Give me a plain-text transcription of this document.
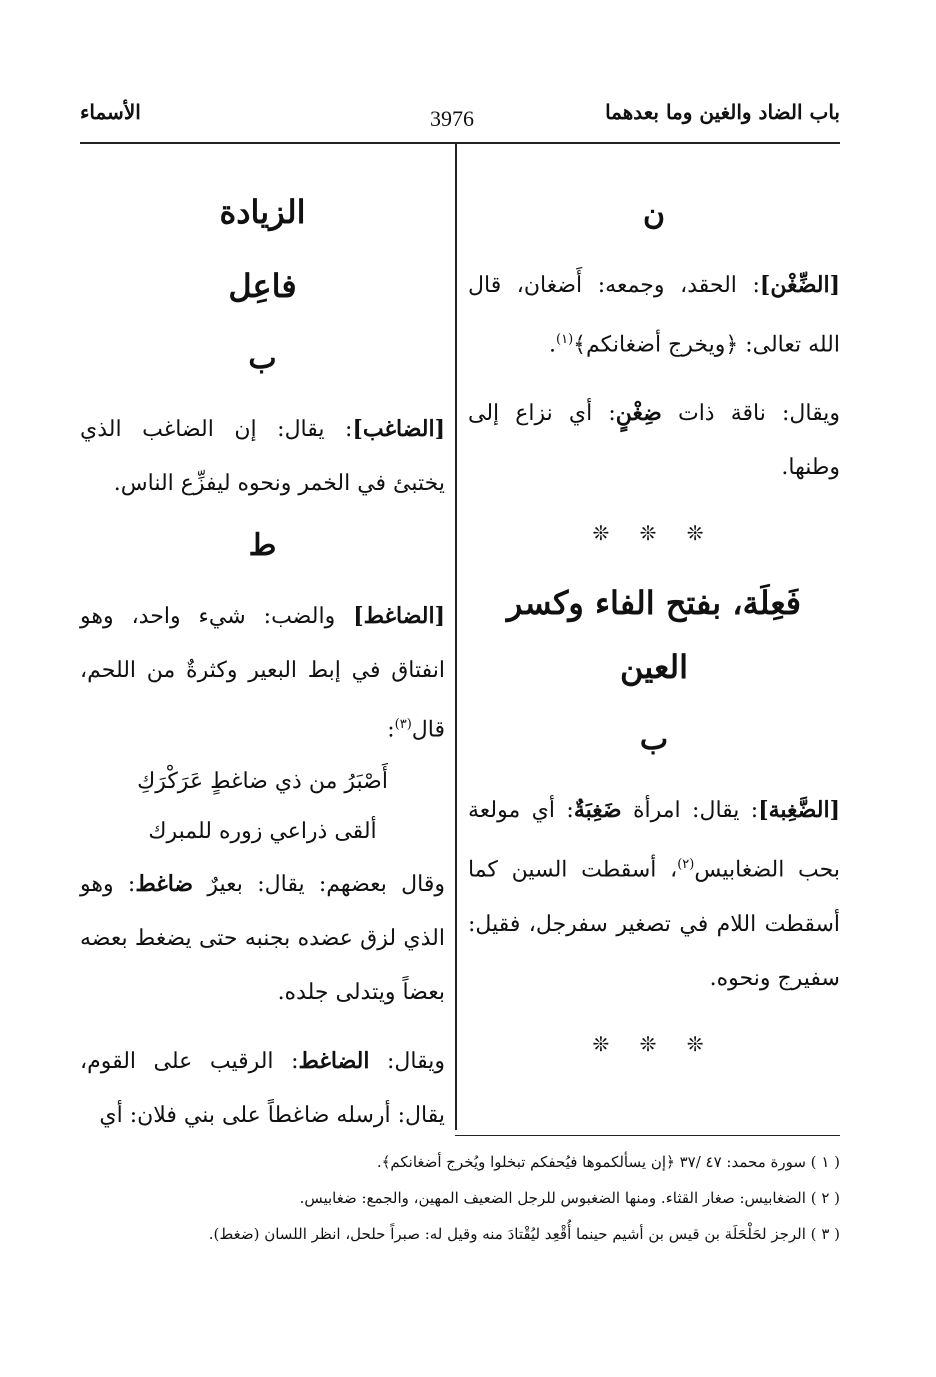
باب الضاد والغين وما بعدهما
3976
الأسماء
ن

[الضِّغْن]: الحقد، وجمعه: أَضغان، قال الله تعالى: ﴿ويخرج أضغانكم﴾$^{(١)}$.

ويقال: ناقة ذات ضِغْنٍ: أي نزاع إلى وطنها.

❊ ❊ ❊
فَعِلَة، بفتح الفاء وكسر العين
ب

[الضَّغِبة]: يقال: امرأة ضَغِبَةٌ: أي مولعة بحب الضغابيس$^{(٢)}$، أسقطت السين كما أسقطت اللام في تصغير سفرجل، فقيل: سفيرج ونحوه.

❊ ❊ ❊
الزيادة
فاعِل
ب

[الضاغب]: يقال: إن الضاغب الذي يختبئ في الخمر ونحوه ليفزِّع الناس.

ط

[الضاغط] والضب: شيء واحد، وهو انفتاق في إبط البعير وكثرةٌ من اللحم، قال$^{(٣)}$:

أَصْبَرُ من ذي ضاغطٍ عَرَكْرَكِ

ألقى ذراعي زوره للمبرك

وقال بعضهم: يقال: بعيرٌ ضاغط: وهو الذي لزق عضده بجنبه حتى يضغط بعضه بعضاً ويتدلى جلده.

ويقال: الضاغط: الرقيب على القوم، يقال: أرسله ضاغطاً على بني فلان: أي

( ١ ) سورة محمد: ٤٧ /٣٧ ﴿إن يسألكموها فيُحفكم تبخلوا ويُخرج أضغانكم﴾.

( ٢ ) الضغابيس: صغار القثاء. ومنها الضغبوس للرجل الضعيف المهين، والجمع: ضغابيس.

( ٣ ) الرجز لحَلْحَلَة بن قيس بن أشيم حينما أُقْعِد ليُقْتادَ منه وقيل له: صبراً حلحل، انظر اللسان (ضغط).
